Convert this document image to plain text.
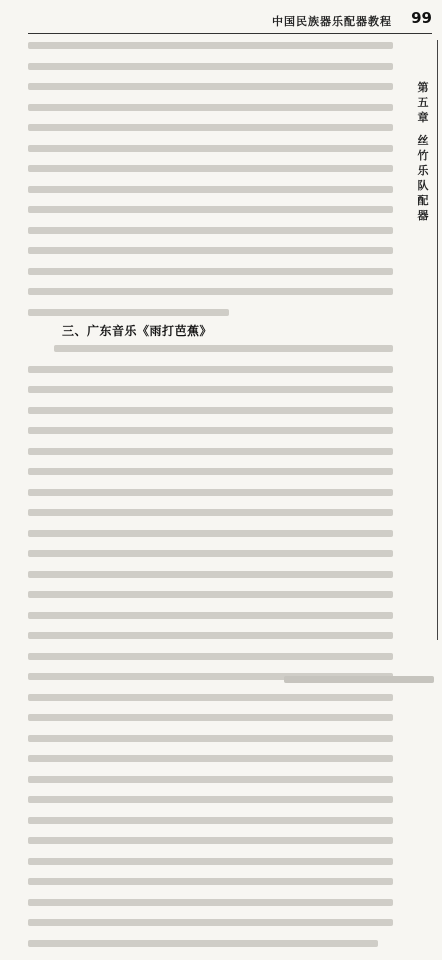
中国民族器乐配器教程 99
第
五
章
丝
竹
乐
队
配
器
三、广东音乐《雨打芭蕉》
